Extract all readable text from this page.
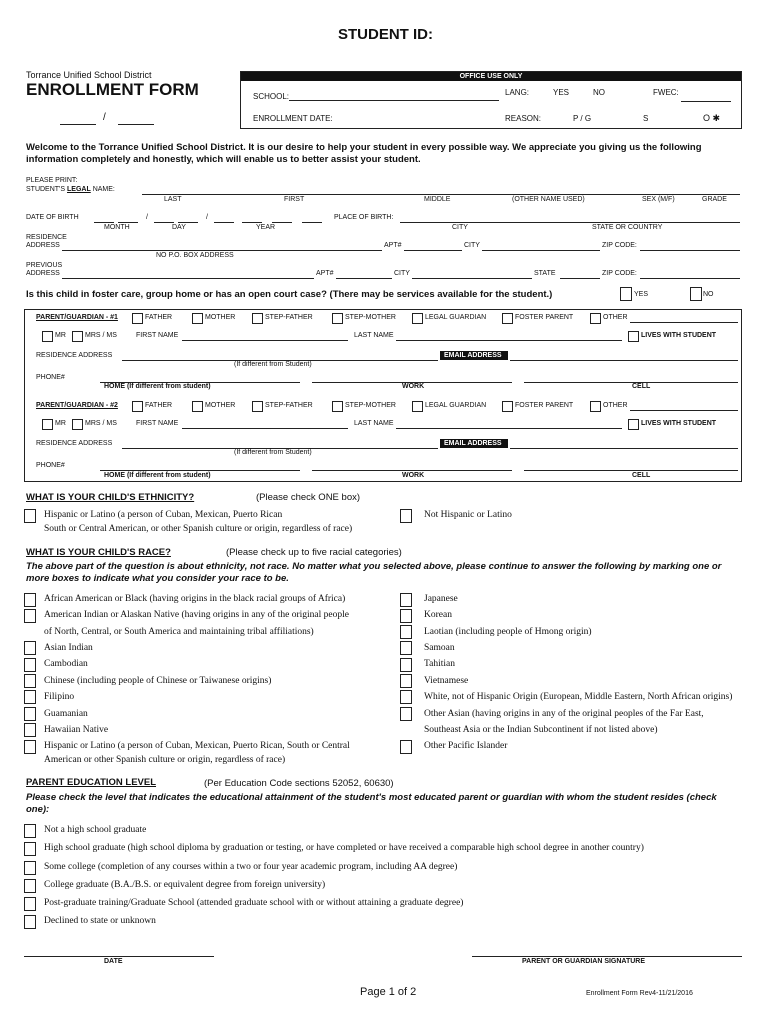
STUDENT ID:
Torrance Unified School District
ENROLLMENT FORM
/
OFFICE USE ONLY
SCHOOL:	LANG:	YES	NO	FWEC:
ENROLLMENT DATE:	REASON:	P / G	S	O ✱
Welcome to the Torrance Unified School District. It is our desire to help your student in every possible way. We appreciate you giving us the following information completely and honestly, which will enable us to better assist your student.
PLEASE PRINT:
STUDENT'S LEGAL NAME:
LAST	FIRST	MIDDLE	(OTHER NAME USED)	SEX (M/F)	GRADE
DATE OF BIRTH	/	/	PLACE OF BIRTH:
MONTH	DAY	YEAR	CITY	STATE OR COUNTRY
RESIDENCE
ADDRESS	APT#	CITY	ZIP CODE:
NO P.O. BOX ADDRESS
PREVIOUS
ADDRESS	APT#	CITY	STATE	ZIP CODE:
Is this child in foster care, group home or has an open court case? (There may be services available for the student.)	YES	NO
PARENT/GUARDIAN - #1	FATHER	MOTHER	STEP-FATHER	STEP-MOTHER	LEGAL GUARDIAN	FOSTER PARENT	OTHER
MR	MRS / MS	FIRST NAME	LAST NAME	LIVES WITH STUDENT
RESIDENCE ADDRESS	EMAIL ADDRESS
(If different from Student)
PHONE#
HOME (If different from student)	WORK	CELL
PARENT/GUARDIAN - #2	FATHER	MOTHER	STEP-FATHER	STEP-MOTHER	LEGAL GUARDIAN	FOSTER PARENT	OTHER
MR	MRS / MS	FIRST NAME	LAST NAME	LIVES WITH STUDENT
RESIDENCE ADDRESS	EMAIL ADDRESS
(If different from Student)
PHONE#
HOME (If different from student)	WORK	CELL
WHAT IS YOUR CHILD'S ETHNICITY?	(Please check ONE box)
Hispanic or Latino (a person of Cuban, Mexican, Puerto Rican
South or Central American, or other Spanish culture or origin, regardless of race)
Not Hispanic or Latino
WHAT IS YOUR CHILD'S RACE?	(Please check up to five racial categories)
The above part of the question is about ethnicity, not race. No matter what you selected above, please continue to answer the following by marking one or more boxes to indicate what you consider your race to be.
African American or Black (having origins in the black racial groups of Africa)
American Indian or Alaskan Native (having origins in any of the original people
of North, Central, or South America and maintaining tribal affiliations)
Asian Indian
Cambodian
Chinese (including people of Chinese or Taiwanese origins)
Filipino
Guamanian
Hawaiian Native
Hispanic or Latino (a person of Cuban, Mexican, Puerto Rican, South or Central
American or other Spanish culture or origin, regardless of race)
Japanese
Korean
Laotian (including people of Hmong origin)
Samoan
Tahitian
Vietnamese
White, not of Hispanic Origin (European, Middle Eastern, North African origins)
Other Asian (having origins in any of the original peoples of the Far East,
Southeast Asia or the Indian Subcontinent if not listed above)
Other Pacific Islander
PARENT EDUCATION LEVEL	(Per Education Code sections 52052, 60630)
Please check the level that indicates the educational attainment of the student's most educated parent or guardian with whom the student resides (check one):
Not a high school graduate
High school graduate (high school diploma by graduation or testing, or have completed or have received a comparable high school degree in another country)
Some college (completion of any courses within a two or four year academic program, including AA degree)
College graduate (B.A./B.S. or equivalent degree from foreign university)
Post-graduate training/Graduate School (attended graduate school with or without attaining a graduate degree)
Declined to state or unknown
DATE	PARENT OR GUARDIAN SIGNATURE
Page 1 of 2	Enrollment Form Rev4-11/21/2016
